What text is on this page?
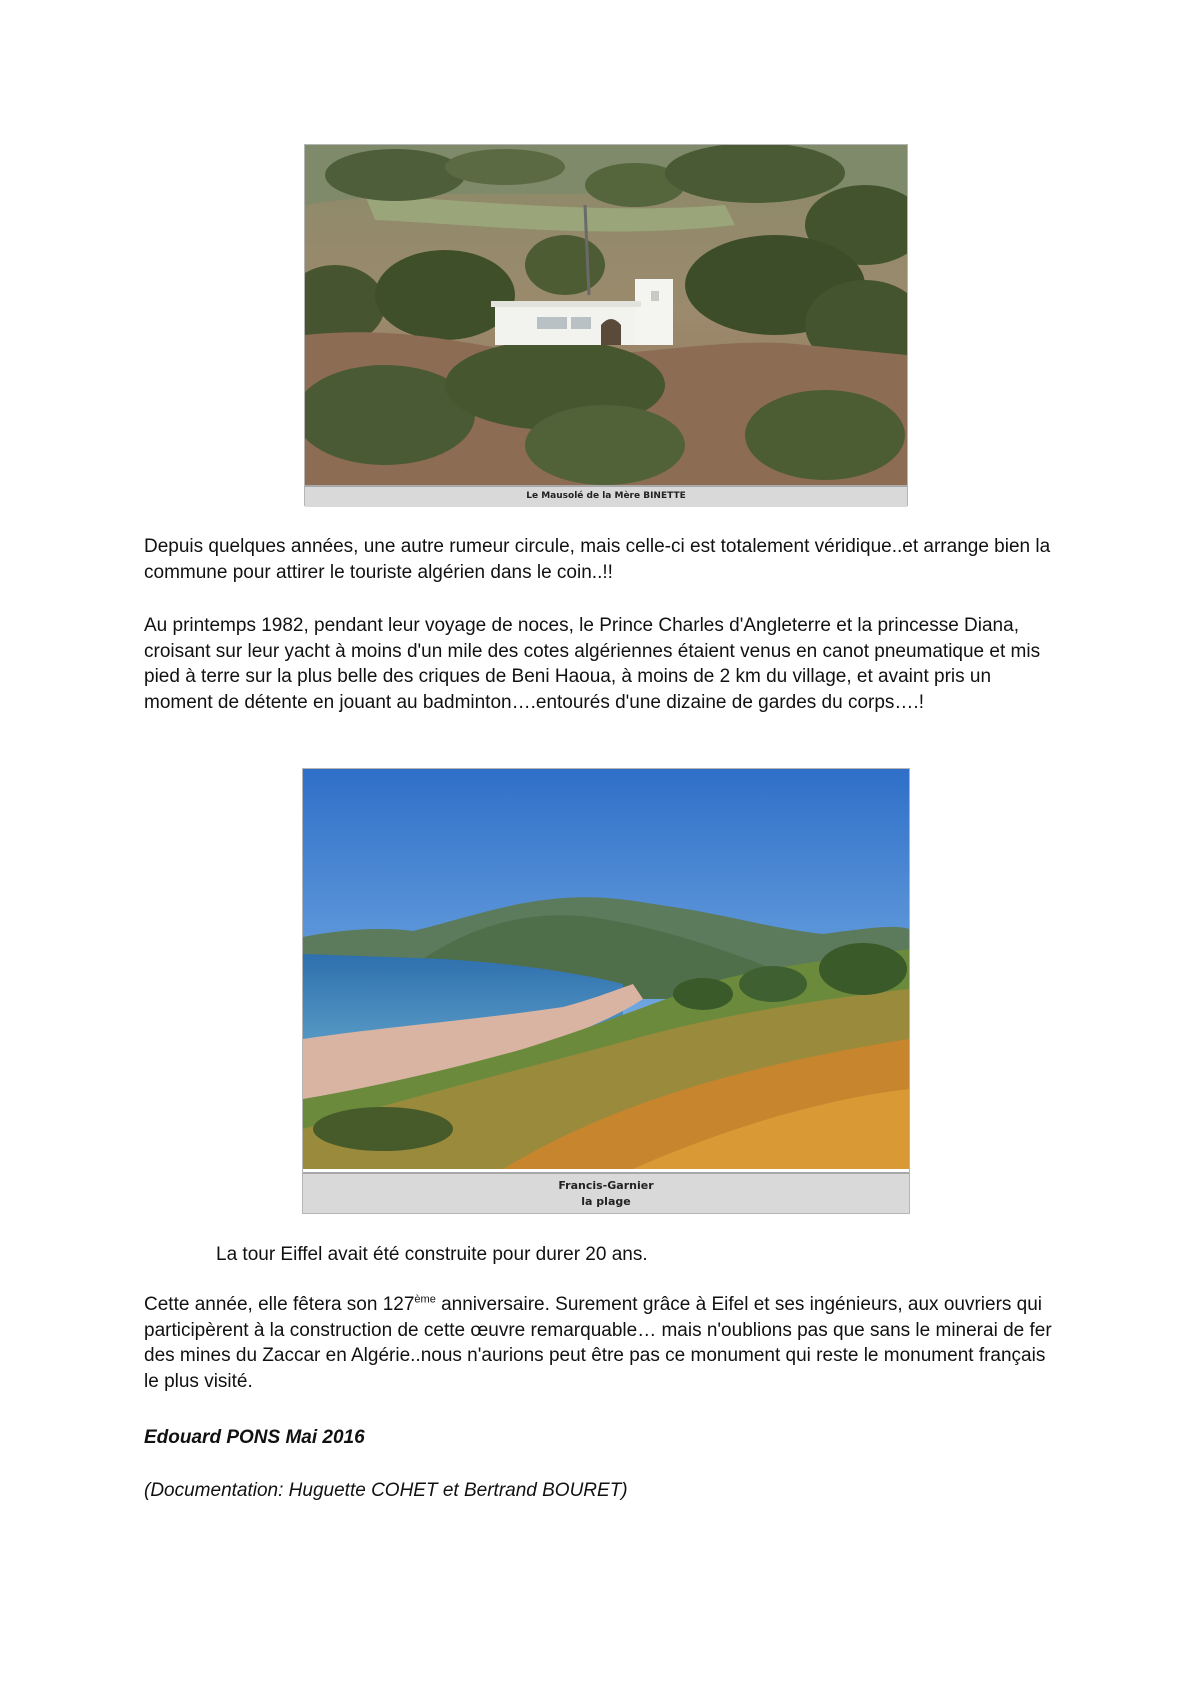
Le Mausolé de la Mère BINETTE

Depuis quelques années, une autre rumeur circule, mais celle-ci est totalement véridique..et arrange bien la commune pour attirer le touriste algérien dans le coin..!!

Au printemps 1982, pendant leur voyage de noces, le Prince Charles d'Angleterre et la princesse Diana, croisant sur leur yacht à moins d'un mile des cotes algériennes étaient venus en canot pneumatique et mis pied à terre sur la plus belle des criques de Beni Haoua, à moins de 2 km du village, et avaint pris un moment de détente en jouant au badminton….entourés d'une dizaine de gardes du corps….!

Francis-Garnier
la plage

La tour Eiffel avait été construite pour durer 20 ans.

Cette année, elle fêtera son 127ème anniversaire. Surement grâce à Eifel et ses ingénieurs, aux ouvriers qui participèrent à la construction de cette œuvre remarquable… mais n'oublions pas que sans le minerai de fer des mines du Zaccar en Algérie..nous n'aurions peut être pas ce monument qui reste le monument français le plus visité.

Edouard PONS Mai 2016

(Documentation: Huguette COHET et Bertrand BOURET)
